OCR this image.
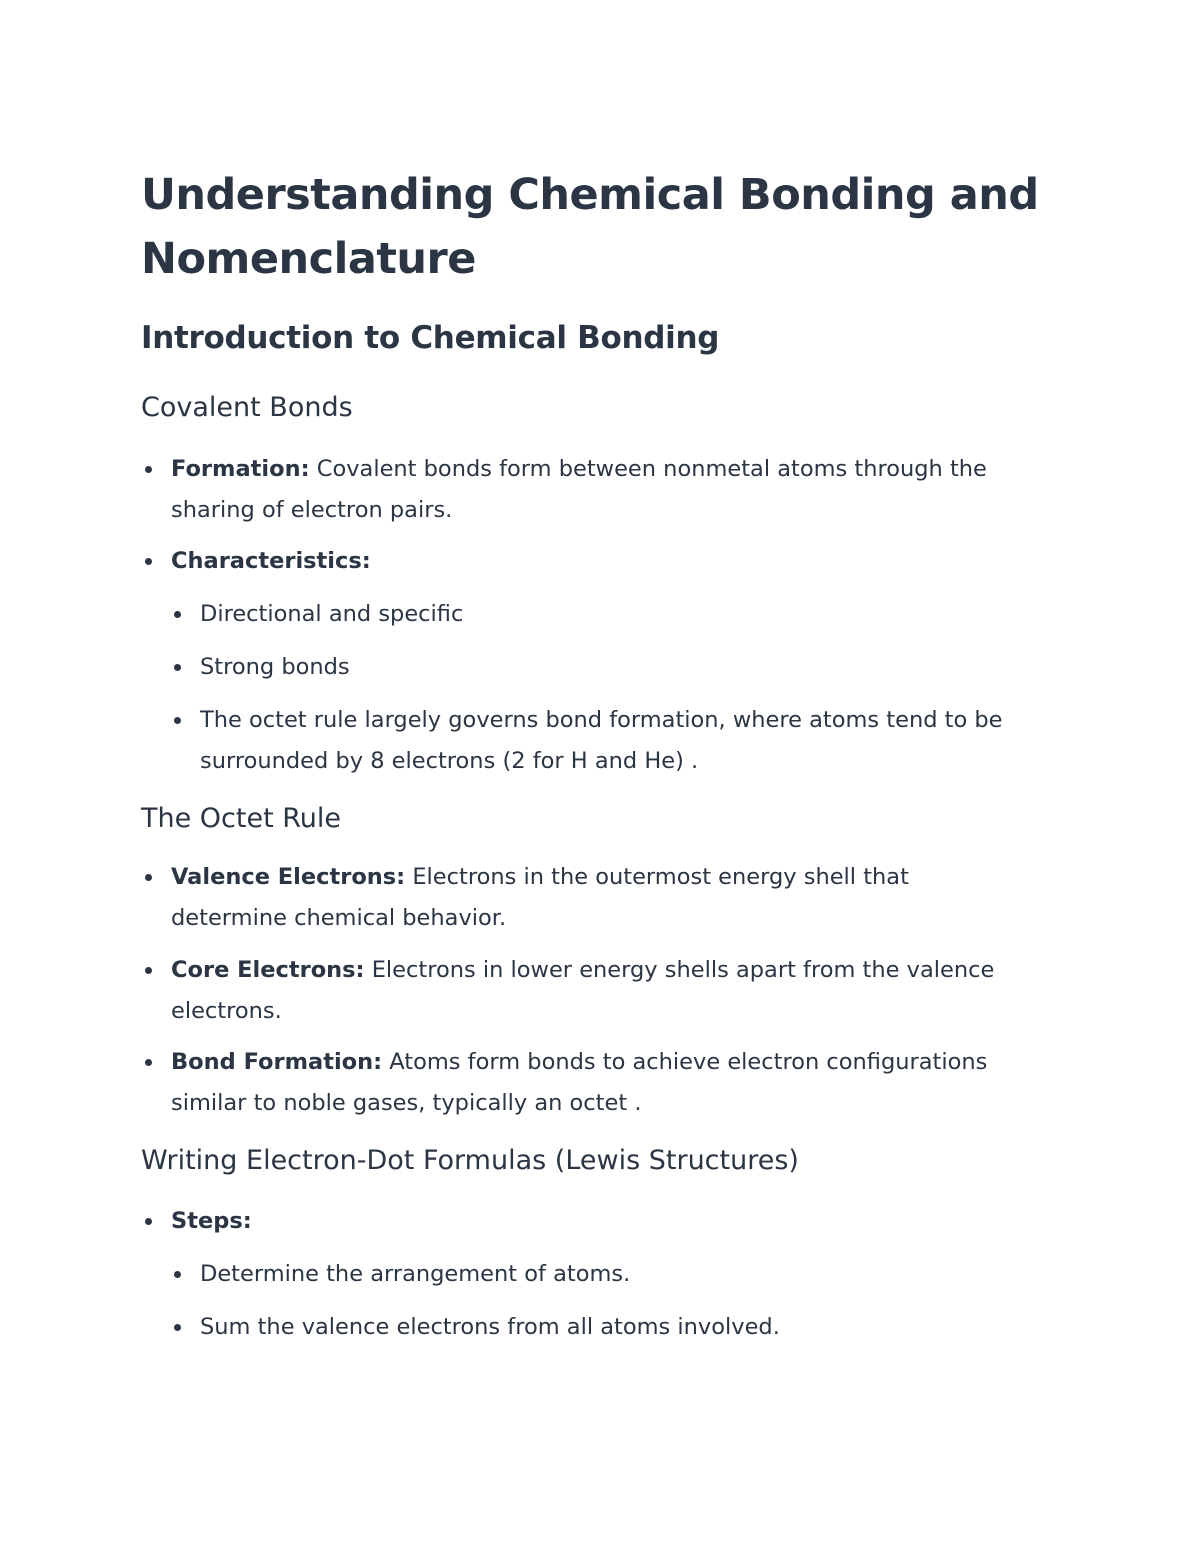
Understanding Chemical Bonding and Nomenclature
Introduction to Chemical Bonding
Covalent Bonds
Formation: Covalent bonds form between nonmetal atoms through the sharing of electron pairs.
Characteristics:
Directional and specific
Strong bonds
The octet rule largely governs bond formation, where atoms tend to be surrounded by 8 electrons (2 for H and He) .
The Octet Rule
Valence Electrons: Electrons in the outermost energy shell that determine chemical behavior.
Core Electrons: Electrons in lower energy shells apart from the valence electrons.
Bond Formation: Atoms form bonds to achieve electron configurations similar to noble gases, typically an octet .
Writing Electron-Dot Formulas (Lewis Structures)
Steps:
Determine the arrangement of atoms.
Sum the valence electrons from all atoms involved.
